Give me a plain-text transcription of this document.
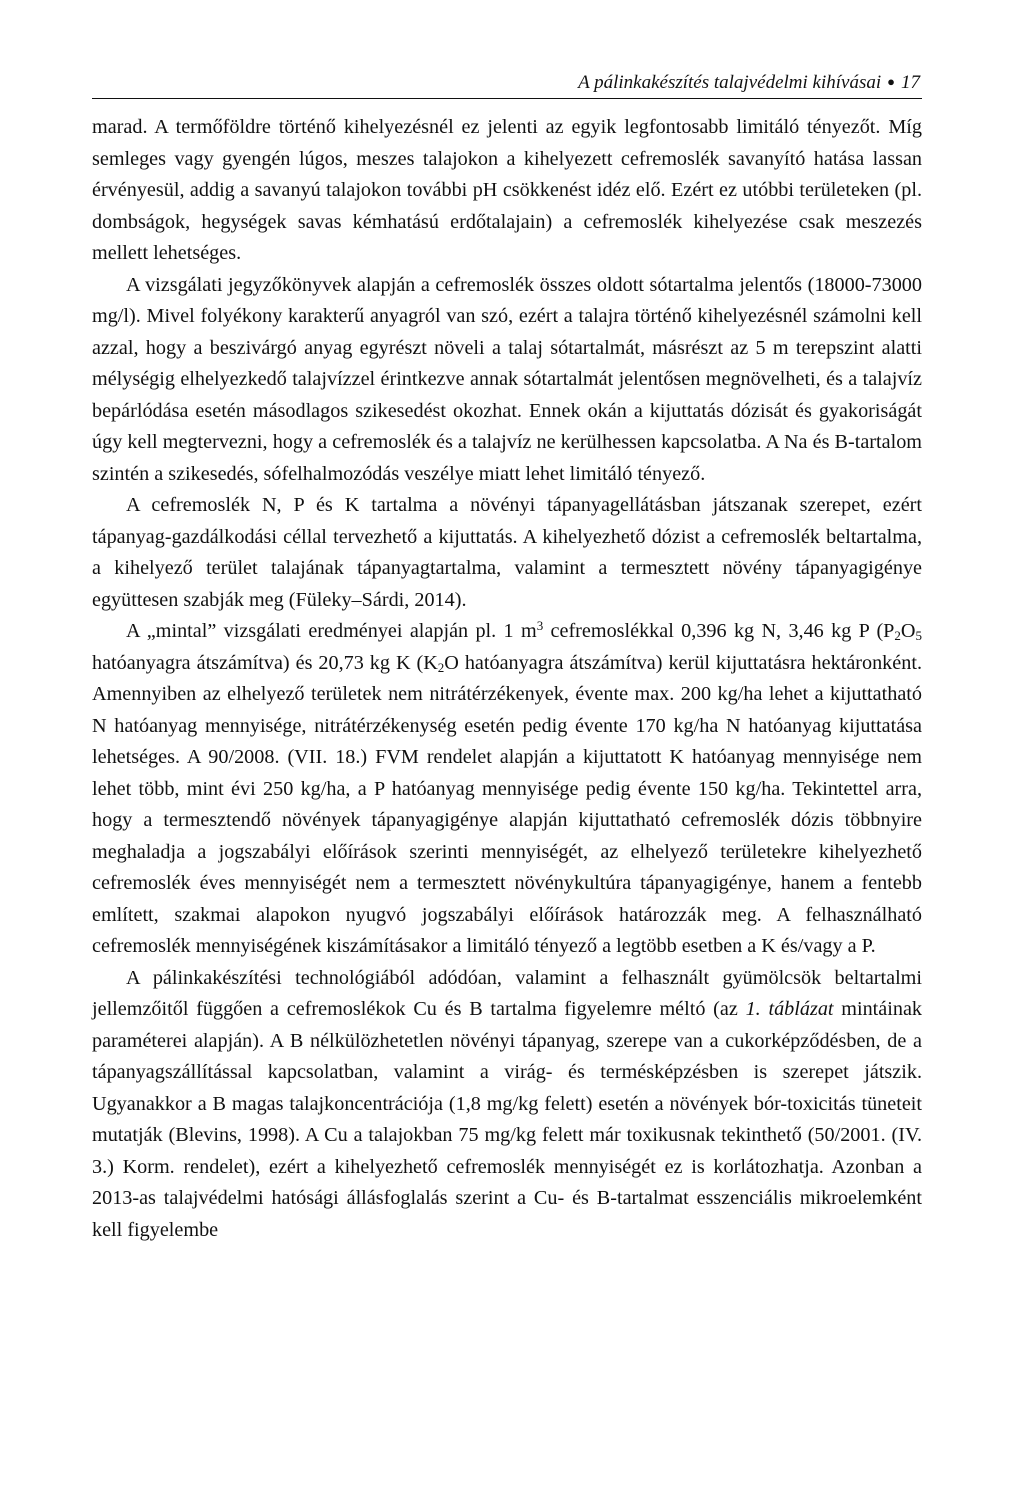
A pálinkakészítés talajvédelmi kihívásai ● 17

marad. A termőföldre történő kihelyezésnél ez jelenti az egyik legfontosabb limitáló tényezőt. Míg semleges vagy gyengén lúgos, meszes talajokon a kihelyezett cefremoslék savanyító hatása lassan érvényesül, addig a savanyú talajokon további pH csökkenést idéz elő. Ezért ez utóbbi területeken (pl. dombságok, hegységek savas kémhatású erdőtalajain) a cefremoslék kihelyezése csak meszezés mellett lehetséges.

A vizsgálati jegyzőkönyvek alapján a cefremoslék összes oldott sótartalma jelentős (18000-73000 mg/l). Mivel folyékony karakterű anyagról van szó, ezért a talajra történő kihelyezésnél számolni kell azzal, hogy a beszivárgó anyag egyrészt növeli a talaj sótartalmát, másrészt az 5 m terepszint alatti mélységig elhelyezkedő talajvízzel érintkezve annak sótartalmát jelentősen megnövelheti, és a talajvíz bepárlódása esetén másodlagos szikesedést okozhat. Ennek okán a kijuttatás dózisát és gyakoriságát úgy kell megtervezni, hogy a cefremoslék és a talajvíz ne kerülhessen kapcsolatba. A Na és B-tartalom szintén a szikesedés, sófelhalmozódás veszélye miatt lehet limitáló tényező.

A cefremoslék N, P és K tartalma a növényi tápanyagellátásban játszanak szerepet, ezért tápanyag-gazdálkodási céllal tervezhető a kijuttatás. A kihelyezhető dózist a cefremoslék beltartalma, a kihelyező terület talajának tápanyagtartalma, valamint a termesztett növény tápanyagigénye együttesen szabják meg (Füleky–Sárdi, 2014).

A „mintal” vizsgálati eredményei alapján pl. 1 $m^3$ cefremoslékkal 0,396 kg N, 3,46 kg P ($P_2O_5$ hatóanyagra átszámítva) és 20,73 kg K ($K_2O$ hatóanyagra átszámítva) kerül kijuttatásra hektáronként. Amennyiben az elhelyező területek nem nitrátérzékenyek, évente max. 200 kg/ha lehet a kijuttatható N hatóanyag mennyisége, nitrátérzékenység esetén pedig évente 170 kg/ha N hatóanyag kijuttatása lehetséges. A 90/2008. (VII. 18.) FVM rendelet alapján a kijuttatott K hatóanyag mennyisége nem lehet több, mint évi 250 kg/ha, a P hatóanyag mennyisége pedig évente 150 kg/ha. Tekintettel arra, hogy a termesztendő növények tápanyagigénye alapján kijuttatható cefremoslék dózis többnyire meghaladja a jogszabályi előírások szerinti mennyiségét, az elhelyező területekre kihelyezhető cefremoslék éves mennyiségét nem a termesztett növénykultúra tápanyagigénye, hanem a fentebb említett, szakmai alapokon nyugvó jogszabályi előírások határozzák meg. A felhasználható cefremoslék mennyiségének kiszámításakor a limitáló tényező a legtöbb esetben a K és/vagy a P.

A pálinkakészítési technológiából adódóan, valamint a felhasznált gyümölcsök beltartalmi jellemzőitől függően a cefremoslékok Cu és B tartalma figyelemre méltó (az 1. táblázat mintáinak paraméterei alapján). A B nélkülözhetetlen növényi tápanyag, szerepe van a cukorképződésben, de a tápanyagszállítással kapcsolatban, valamint a virág- és termésképzésben is szerepet játszik. Ugyanakkor a B magas talajkoncentrációja (1,8 mg/kg felett) esetén a növények bór-toxicitás tüneteit mutatják (Blevins, 1998). A Cu a talajokban 75 mg/kg felett már toxikusnak tekinthető (50/2001. (IV. 3.) Korm. rendelet), ezért a kihelyezhető cefremoslék mennyiségét ez is korlátozhatja. Azonban a 2013-as talajvédelmi hatósági állásfoglalás szerint a Cu- és B-tartalmat esszenciális mikroelemként kell figyelembe
